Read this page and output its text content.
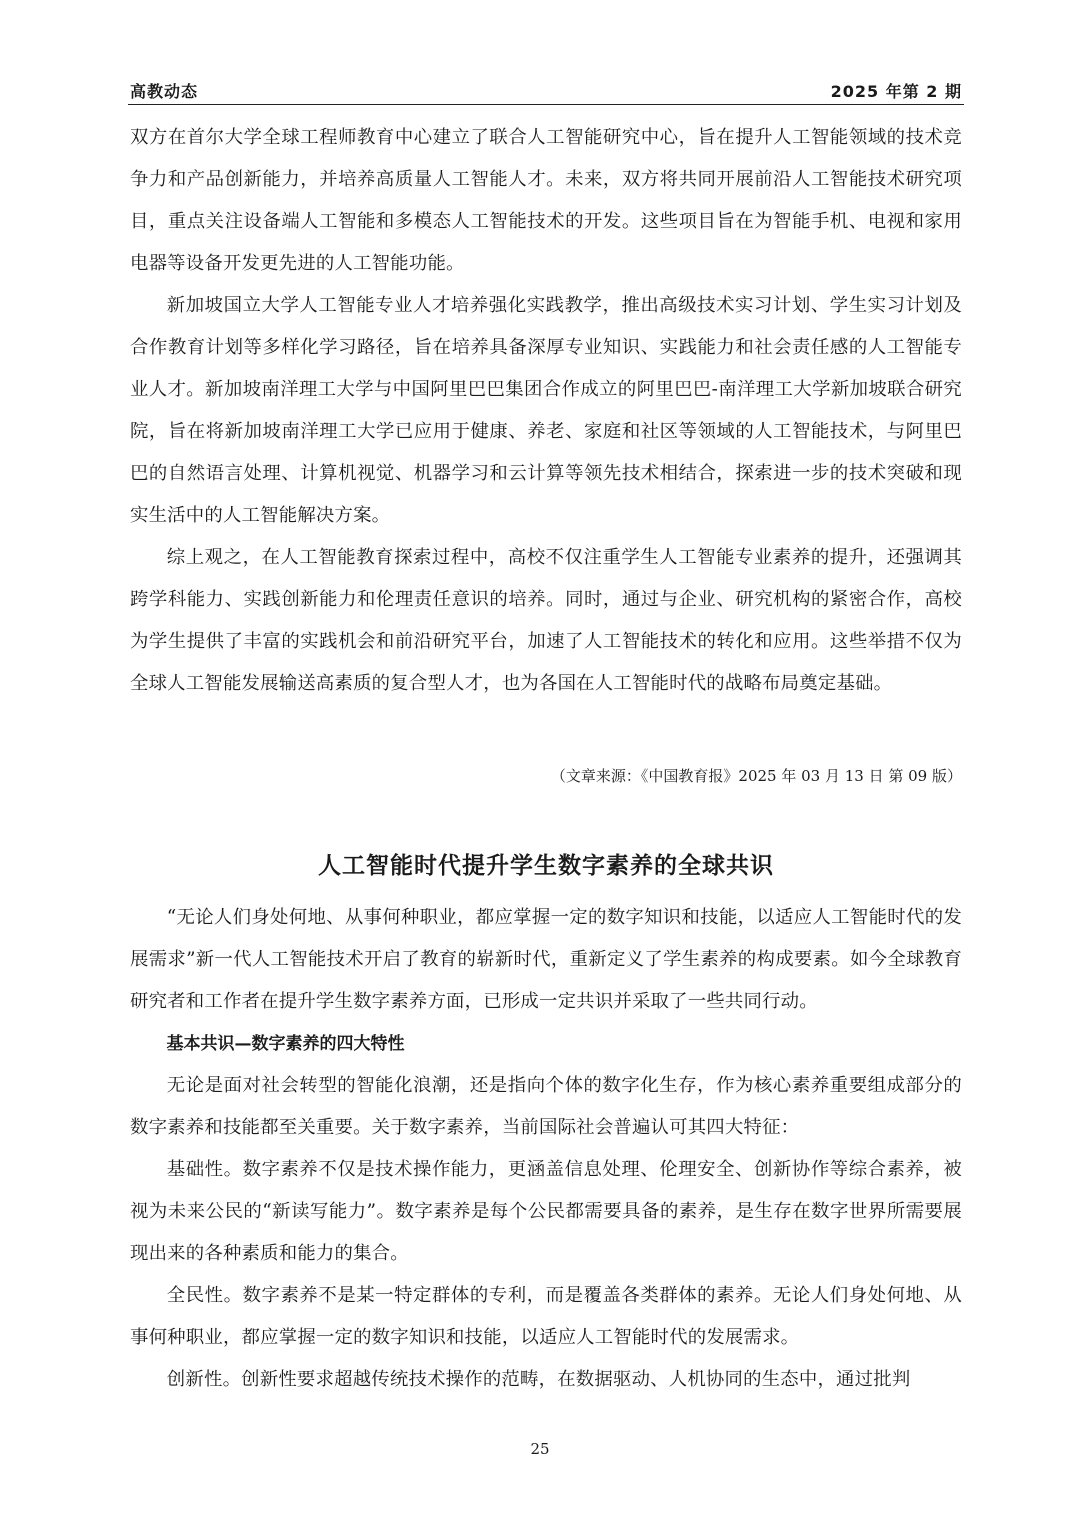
高教动态	2025 年第 2 期

双方在首尔大学全球工程师教育中心建立了联合人工智能研究中心，旨在提升人工智能领域的技术竞争力和产品创新能力，并培养高质量人工智能人才。未来，双方将共同开展前沿人工智能技术研究项目，重点关注设备端人工智能和多模态人工智能技术的开发。这些项目旨在为智能手机、电视和家用电器等设备开发更先进的人工智能功能。

新加坡国立大学人工智能专业人才培养强化实践教学，推出高级技术实习计划、学生实习计划及合作教育计划等多样化学习路径，旨在培养具备深厚专业知识、实践能力和社会责任感的人工智能专业人才。新加坡南洋理工大学与中国阿里巴巴集团合作成立的阿里巴巴-南洋理工大学新加坡联合研究院，旨在将新加坡南洋理工大学已应用于健康、养老、家庭和社区等领域的人工智能技术，与阿里巴巴的自然语言处理、计算机视觉、机器学习和云计算等领先技术相结合，探索进一步的技术突破和现实生活中的人工智能解决方案。

综上观之，在人工智能教育探索过程中，高校不仅注重学生人工智能专业素养的提升，还强调其跨学科能力、实践创新能力和伦理责任意识的培养。同时，通过与企业、研究机构的紧密合作，高校为学生提供了丰富的实践机会和前沿研究平台，加速了人工智能技术的转化和应用。这些举措不仅为全球人工智能发展输送高素质的复合型人才，也为各国在人工智能时代的战略布局奠定基础。

（文章来源：《中国教育报》2025 年 03 月 13 日 第 09 版）
人工智能时代提升学生数字素养的全球共识

“无论人们身处何地、从事何种职业，都应掌握一定的数字知识和技能，以适应人工智能时代的发展需求”新一代人工智能技术开启了教育的崭新时代，重新定义了学生素养的构成要素。如今全球教育研究者和工作者在提升学生数字素养方面，已形成一定共识并采取了一些共同行动。

基本共识—数字素养的四大特性

无论是面对社会转型的智能化浪潮，还是指向个体的数字化生存，作为核心素养重要组成部分的数字素养和技能都至关重要。关于数字素养，当前国际社会普遍认可其四大特征：

基础性。数字素养不仅是技术操作能力，更涵盖信息处理、伦理安全、创新协作等综合素养，被视为未来公民的“新读写能力”。数字素养是每个公民都需要具备的素养，是生存在数字世界所需要展现出来的各种素质和能力的集合。

全民性。数字素养不是某一特定群体的专利，而是覆盖各类群体的素养。无论人们身处何地、从事何种职业，都应掌握一定的数字知识和技能，以适应人工智能时代的发展需求。

创新性。创新性要求超越传统技术操作的范畴，在数据驱动、人机协同的生态中，通过批判

25
